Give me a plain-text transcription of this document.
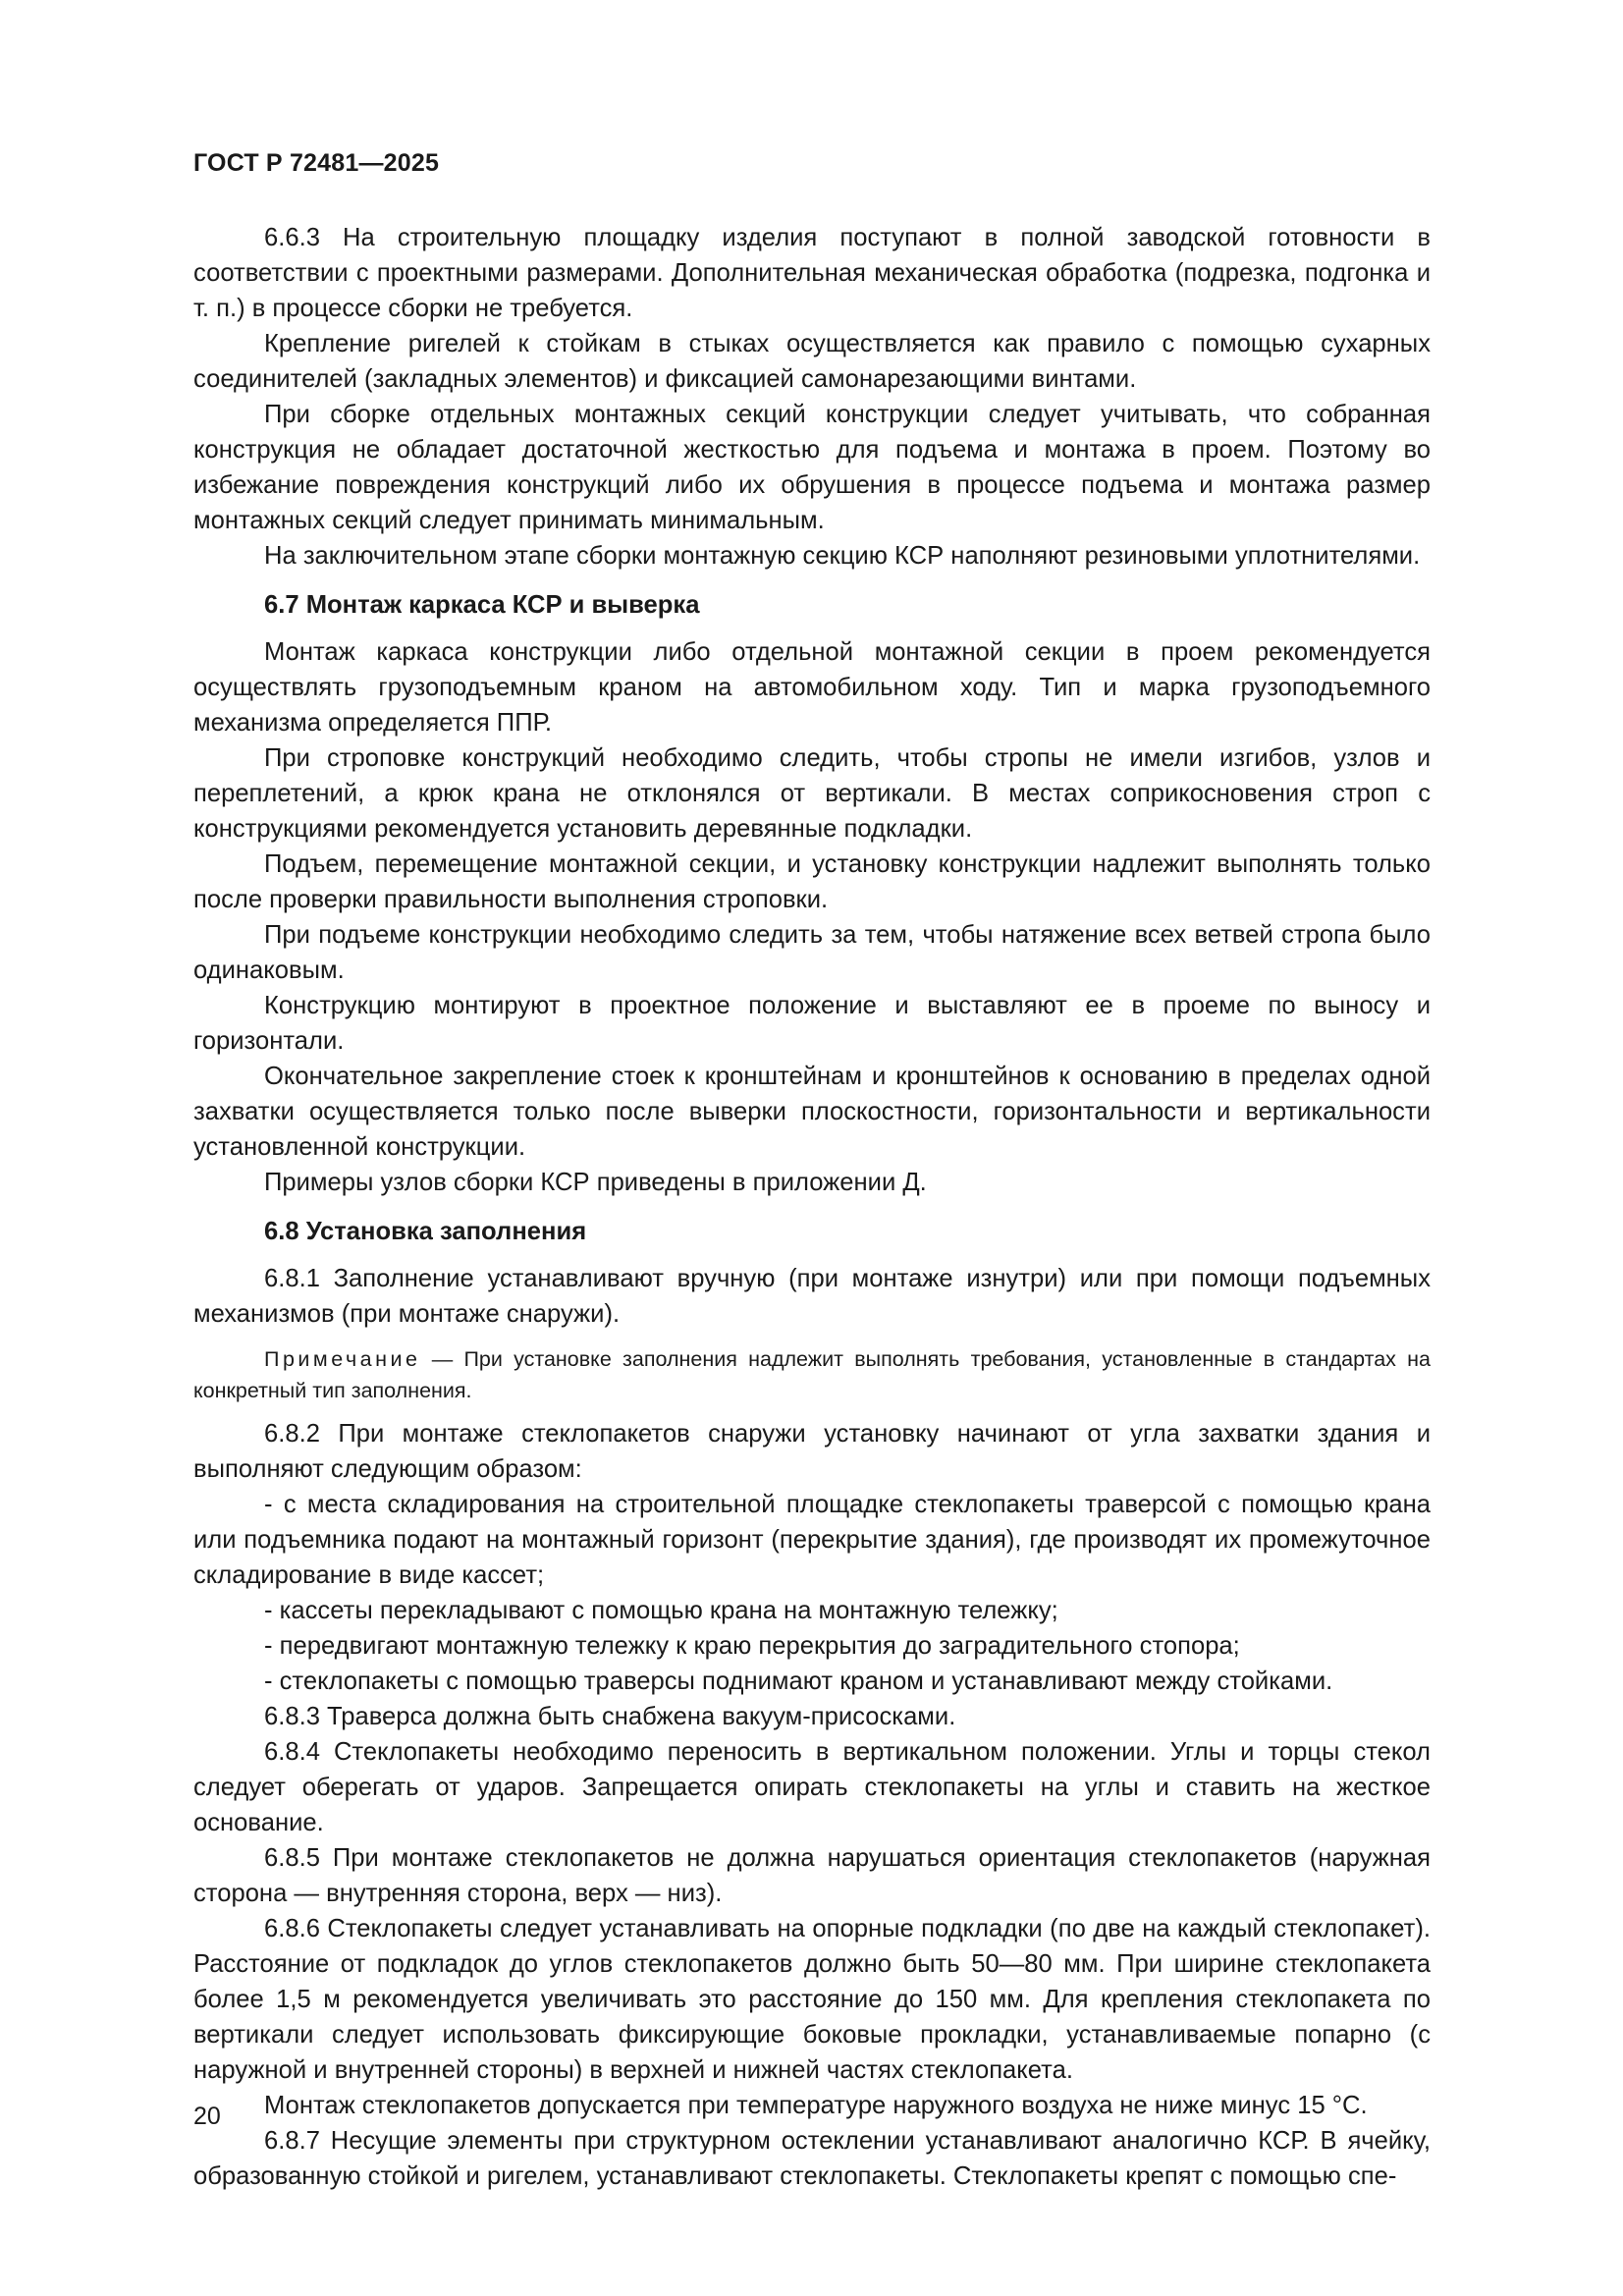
ГОСТ Р 72481—2025

6.6.3 На строительную площадку изделия поступают в полной заводской готовности в соответствии с проектными размерами. Дополнительная механическая обработка (подрезка, подгонка и т. п.) в процессе сборки не требуется.

Крепление ригелей к стойкам в стыках осуществляется как правило с помощью сухарных соединителей (закладных элементов) и фиксацией самонарезающими винтами.

При сборке отдельных монтажных секций конструкции следует учитывать, что собранная конструкция не обладает достаточной жесткостью для подъема и монтажа в проем. Поэтому во избежание повреждения конструкций либо их обрушения в процессе подъема и монтажа размер монтажных секций следует принимать минимальным.

На заключительном этапе сборки монтажную секцию КСР наполняют резиновыми уплотнителями.

6.7 Монтаж каркаса КСР и выверка

Монтаж каркаса конструкции либо отдельной монтажной секции в проем рекомендуется осуществлять грузоподъемным краном на автомобильном ходу. Тип и марка грузоподъемного механизма определяется ППР.

При строповке конструкций необходимо следить, чтобы стропы не имели изгибов, узлов и переплетений, а крюк крана не отклонялся от вертикали. В местах соприкосновения строп с конструкциями рекомендуется установить деревянные подкладки.

Подъем, перемещение монтажной секции, и установку конструкции надлежит выполнять только после проверки правильности выполнения строповки.

При подъеме конструкции необходимо следить за тем, чтобы натяжение всех ветвей стропа было одинаковым.

Конструкцию монтируют в проектное положение и выставляют ее в проеме по выносу и горизонтали.

Окончательное закрепление стоек к кронштейнам и кронштейнов к основанию в пределах одной захватки осуществляется только после выверки плоскостности, горизонтальности и вертикальности установленной конструкции.

Примеры узлов сборки КСР приведены в приложении Д.

6.8 Установка заполнения

6.8.1 Заполнение устанавливают вручную (при монтаже изнутри) или при помощи подъемных механизмов (при монтаже снаружи).

Примечание — При установке заполнения надлежит выполнять требования, установленные в стандартах на конкретный тип заполнения.

6.8.2 При монтаже стеклопакетов снаружи установку начинают от угла захватки здания и выполняют следующим образом:

- с места складирования на строительной площадке стеклопакеты траверсой с помощью крана или подъемника подают на монтажный горизонт (перекрытие здания), где производят их промежуточное складирование в виде кассет;

- кассеты перекладывают с помощью крана на монтажную тележку;

- передвигают монтажную тележку к краю перекрытия до заградительного стопора;

- стеклопакеты с помощью траверсы поднимают краном и устанавливают между стойками.

6.8.3 Траверса должна быть снабжена вакуум-присосками.

6.8.4 Стеклопакеты необходимо переносить в вертикальном положении. Углы и торцы стекол следует оберегать от ударов. Запрещается опирать стеклопакеты на углы и ставить на жесткое основание.

6.8.5 При монтаже стеклопакетов не должна нарушаться ориентация стеклопакетов (наружная сторона — внутренняя сторона, верх — низ).

6.8.6 Стеклопакеты следует устанавливать на опорные подкладки (по две на каждый стеклопакет). Расстояние от подкладок до углов стеклопакетов должно быть 50—80 мм. При ширине стеклопакета более 1,5 м рекомендуется увеличивать это расстояние до 150 мм. Для крепления стеклопакета по вертикали следует использовать фиксирующие боковые прокладки, устанавливаемые попарно (с наружной и внутренней стороны) в верхней и нижней частях стеклопакета.

Монтаж стеклопакетов допускается при температуре наружного воздуха не ниже минус 15 °С.

6.8.7 Несущие элементы при структурном остеклении устанавливают аналогично КСР. В ячейку, образованную стойкой и ригелем, устанавливают стеклопакеты. Стеклопакеты крепят с помощью спе-

20
